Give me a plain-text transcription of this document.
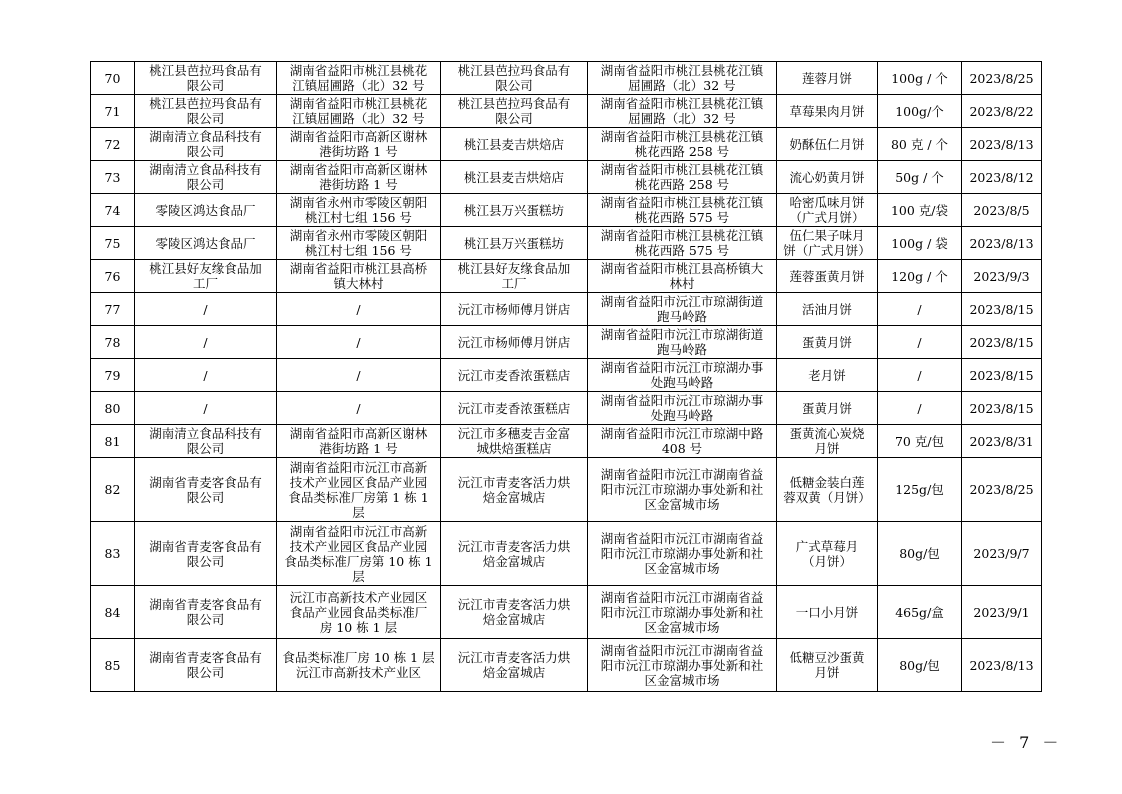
70	桃江县芭拉玛食品有
限公司	湖南省益阳市桃江县桃花
江镇屈圃路（北）32 号	桃江县芭拉玛食品有
限公司	湖南省益阳市桃江县桃花江镇
屈圃路（北）32 号	莲蓉月饼	100g / 个	2023/8/25
71	桃江县芭拉玛食品有
限公司	湖南省益阳市桃江县桃花
江镇屈圃路（北）32 号	桃江县芭拉玛食品有
限公司	湖南省益阳市桃江县桃花江镇
屈圃路（北）32 号	草莓果肉月饼	100g/个	2023/8/22
72	湖南清立食品科技有
限公司	湖南省益阳市高新区谢林
港街坊路 1 号	桃江县麦吉烘焙店	湖南省益阳市桃江县桃花江镇
桃花西路 258 号	奶酥伍仁月饼	80 克 / 个	2023/8/13
73	湖南清立食品科技有
限公司	湖南省益阳市高新区谢林
港街坊路 1 号	桃江县麦吉烘焙店	湖南省益阳市桃江县桃花江镇
桃花西路 258 号	流心奶黄月饼	50g / 个	2023/8/12
74	零陵区鸿达食品厂	湖南省永州市零陵区朝阳
桃江村七组 156 号	桃江县万兴蛋糕坊	湖南省益阳市桃江县桃花江镇
桃花西路 575 号	哈密瓜味月饼
（广式月饼）	100 克/袋	2023/8/5
75	零陵区鸿达食品厂	湖南省永州市零陵区朝阳
桃江村七组 156 号	桃江县万兴蛋糕坊	湖南省益阳市桃江县桃花江镇
桃花西路 575 号	伍仁果子味月
饼（广式月饼）	100g / 袋	2023/8/13
76	桃江县好友缘食品加
工厂	湖南省益阳市桃江县高桥
镇大林村	桃江县好友缘食品加
工厂	湖南省益阳市桃江县高桥镇大
林村	莲蓉蛋黄月饼	120g / 个	2023/9/3
77	/	/	沅江市杨师傅月饼店	湖南省益阳市沅江市琼湖街道
跑马岭路	活油月饼	/	2023/8/15
78	/	/	沅江市杨师傅月饼店	湖南省益阳市沅江市琼湖街道
跑马岭路	蛋黄月饼	/	2023/8/15
79	/	/	沅江市麦香浓蛋糕店	湖南省益阳市沅江市琼湖办事
处跑马岭路	老月饼	/	2023/8/15
80	/	/	沅江市麦香浓蛋糕店	湖南省益阳市沅江市琼湖办事
处跑马岭路	蛋黄月饼	/	2023/8/15
81	湖南清立食品科技有
限公司	湖南省益阳市高新区谢林
港街坊路 1 号	沅江市多穗麦吉金富
城烘焙蛋糕店	湖南省益阳市沅江市琼湖中路
408 号	蛋黄流心炭烧
月饼	70 克/包	2023/8/31
82	湖南省青麦客食品有
限公司	湖南省益阳市沅江市高新
技术产业园区食品产业园
食品类标准厂房第 1 栋 1
层	沅江市青麦客活力烘
焙金富城店	湖南省益阳市沅江市湖南省益
阳市沅江市琼湖办事处新和社
区金富城市场	低糖金装白莲
蓉双黄（月饼）	125g/包	2023/8/25
83	湖南省青麦客食品有
限公司	湖南省益阳市沅江市高新
技术产业园区食品产业园
食品类标准厂房第 10 栋 1
层	沅江市青麦客活力烘
焙金富城店	湖南省益阳市沅江市湖南省益
阳市沅江市琼湖办事处新和社
区金富城市场	广式草莓月
（月饼）	80g/包	2023/9/7
84	湖南省青麦客食品有
限公司	沅江市高新技术产业园区
食品产业园食品类标准厂
房 10 栋 1 层	沅江市青麦客活力烘
焙金富城店	湖南省益阳市沅江市湖南省益
阳市沅江市琼湖办事处新和社
区金富城市场	一口小月饼	465g/盒	2023/9/1
85	湖南省青麦客食品有
限公司	食品类标准厂房 10 栋 1 层
沅江市高新技术产业区	沅江市青麦客活力烘
焙金富城店	湖南省益阳市沅江市湖南省益
阳市沅江市琼湖办事处新和社
区金富城市场	低糖豆沙蛋黄
月饼	80g/包	2023/8/13
－ 7 －
